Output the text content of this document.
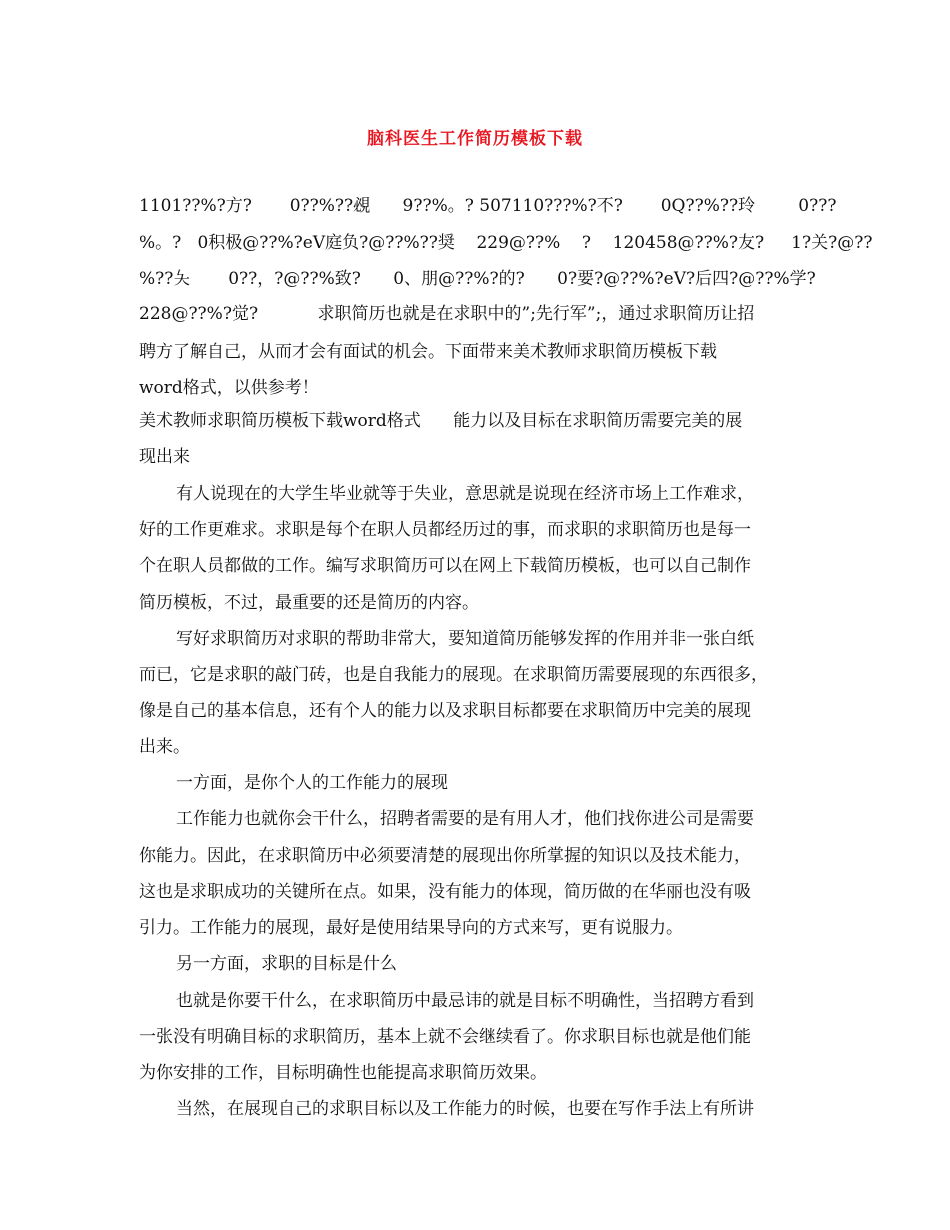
脑科医生工作简历模板下载
1101??%?方?       0??%??覕      9??%。? 507110???%?不?       0Q??%??玲        0???
%。?   0积极@??%?eV庭负?@??%??奨    229@??%    ?    120458@??%?友?     1?关?@??
%??夨       0??，?@??%致?      0、朋@??%?的?      0?要?@??%?eV?后四?@??%学?
228@??%?觉?           求职简历也就是在求职中的”;先行军”;，通过求职简历让招
聘方了解自己，从而才会有面试的机会。下面带来美术教师求职简历模板下载
word格式，以供参考！
美术教师求职简历模板下载word格式      能力以及目标在求职简历需要完美的展
现出来
有人说现在的大学生毕业就等于失业，意思就是说现在经济市场上工作难求，
好的工作更难求。求职是每个在职人员都经历过的事，而求职的求职简历也是每一
个在职人员都做的工作。编写求职简历可以在网上下载简历模板，也可以自己制作
简历模板，不过，最重要的还是简历的内容。
写好求职简历对求职的帮助非常大，要知道简历能够发挥的作用并非一张白纸
而已，它是求职的敲门砖，也是自我能力的展现。在求职简历需要展现的东西很多，
像是自己的基本信息，还有个人的能力以及求职目标都要在求职简历中完美的展现
出来。
一方面，是你个人的工作能力的展现
工作能力也就你会干什么，招聘者需要的是有用人才，他们找你进公司是需要
你能力。因此，在求职简历中必须要清楚的展现出你所掌握的知识以及技术能力，
这也是求职成功的关键所在点。如果，没有能力的体现，简历做的在华丽也没有吸
引力。工作能力的展现，最好是使用结果导向的方式来写，更有说服力。
另一方面，求职的目标是什么
也就是你要干什么，在求职简历中最忌讳的就是目标不明确性，当招聘方看到
一张没有明确目标的求职简历，基本上就不会继续看了。你求职目标也就是他们能
为你安排的工作，目标明确性也能提高求职简历效果。
当然，在展现自己的求职目标以及工作能力的时候，也要在写作手法上有所讲
